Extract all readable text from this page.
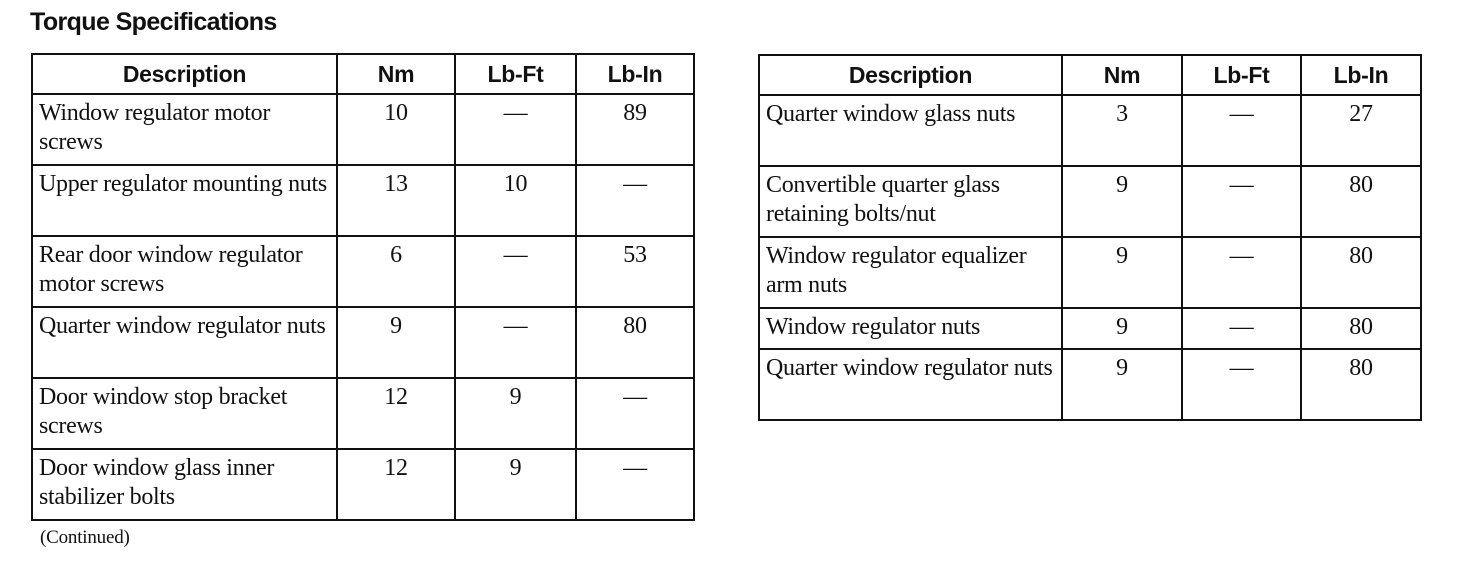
Torque Specifications
Description	Nm	Lb-Ft	Lb-In
Window regulator motor screws	10	—	89
Upper regulator mounting nuts	13	10	—
Rear door window regulator motor screws	6	—	53
Quarter window regulator nuts	9	—	80
Door window stop bracket screws	12	9	—
Door window glass inner stabilizer bolts	12	9	—
Description	Nm	Lb-Ft	Lb-In
Quarter window glass nuts	3	—	27
Convertible quarter glass retaining bolts/nut	9	—	80
Window regulator equalizer arm nuts	9	—	80
Window regulator nuts	9	—	80
Quarter window regulator nuts	9	—	80
(Continued)
